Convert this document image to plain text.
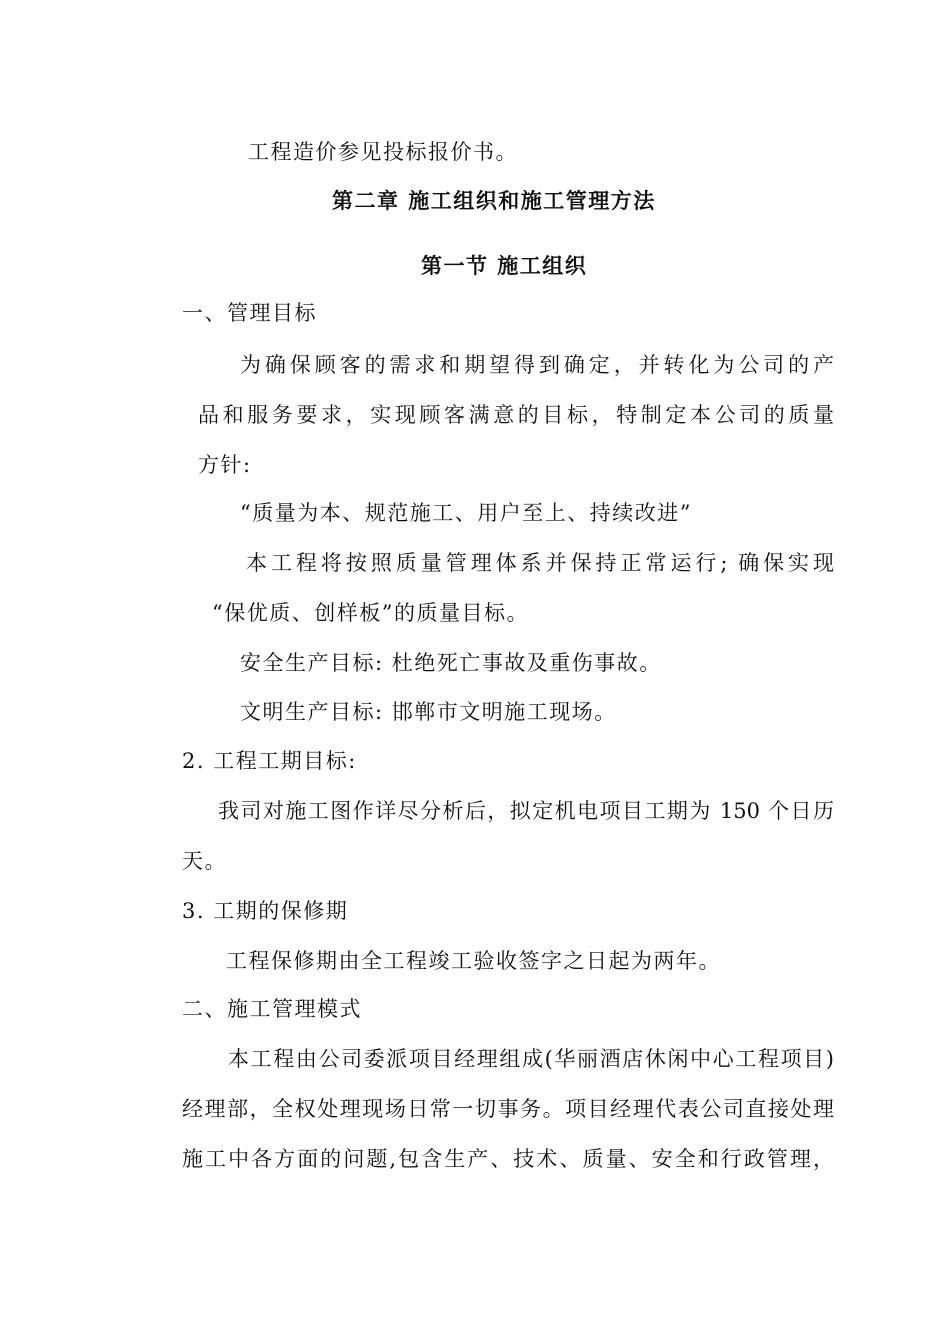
工程造价参见投标报价书。
第二章 施工组织和施工管理方法
第一节 施工组织
一、管理目标
为确保顾客的需求和期望得到确定，并转化为公司的产
品和服务要求，实现顾客满意的目标，特制定本公司的质量
方针:
“质量为本、规范施工、用户至上、持续改进”
本工程将按照质量管理体系并保持正常运行; 确保实现
“保优质、创样板”的质量目标。
安全生产目标: 杜绝死亡事故及重伤事故。
文明生产目标: 邯郸市文明施工现场。
2. 工程工期目标:
我司对施工图作详尽分析后，拟定机电项目工期为 150 个日历
天。
3. 工期的保修期
工程保修期由全工程竣工验收签字之日起为两年。
二、施工管理模式
本工程由公司委派项目经理组成(华丽酒店休闲中心工程项目)
经理部，全权处理现场日常一切事务。项目经理代表公司直接处理
施工中各方面的问题,包含生产、技术、质量、安全和行政管理，
